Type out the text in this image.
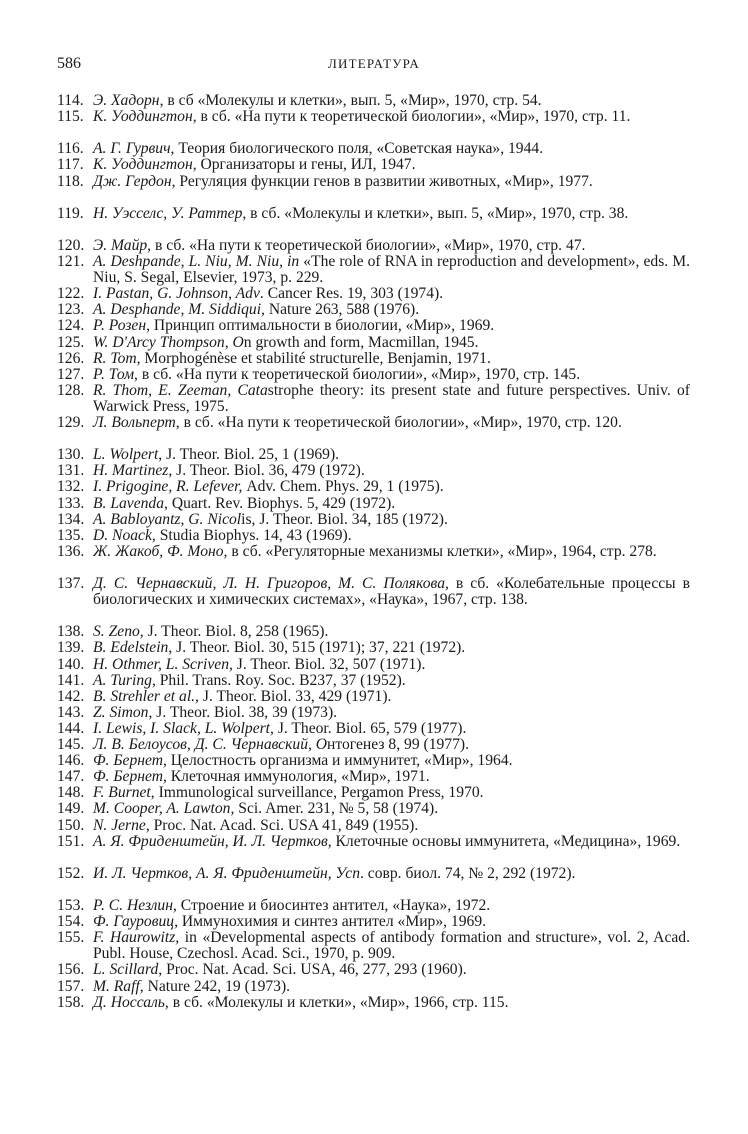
586	ЛИТЕРАТУРА
114. Э. Хадорн, в сб «Молекулы и клетки», вып. 5, «Мир», 1970, стр. 54.
115. К. Уоддингтон, в сб. «На пути к теоретической биологии», «Мир», 1970, стр. 11.
116. А. Г. Гурвич, Теория биологического поля, «Советская наука», 1944.
117. К. Уоддингтон, Организаторы и гены, ИЛ, 1947.
118. Дж. Гердон, Регуляция функции генов в развитии животных, «Мир», 1977.
119. Н. Уэсселс, У. Раттер, в сб. «Молекулы и клетки», вып. 5, «Мир», 1970, стр. 38.
120. Э. Майр, в сб. «На пути к теоретической биологии», «Мир», 1970, стр. 47.
121. A. Deshpande, L. Niu, M. Niu, in «The role of RNA in reproduction and development», eds. M. Niu, S. Segal, Elsevier, 1973, p. 229.
122. I. Pastan, G. Johnson, Adv. Cancer Res. 19, 303 (1974).
123. A. Desphande, M. Siddiqui, Nature 263, 588 (1976).
124. Р. Розен, Принцип оптимальности в биологии, «Мир», 1969.
125. W. D'Arcy Thompson, On growth and form, Macmillan, 1945.
126. R. Tom, Morphogénèse et stabilité structurelle, Benjamin, 1971.
127. Р. Том, в сб. «На пути к теоретической биологии», «Мир», 1970, стр. 145.
128. R. Thom, E. Zeeman, Catastrophe theory: its present state and future perspectives. Univ. of Warwick Press, 1975.
129. Л. Вольперт, в сб. «На пути к теоретической биологии», «Мир», 1970, стр. 120.
130. L. Wolpert, J. Theor. Biol. 25, 1 (1969).
131. H. Martinez, J. Theor. Biol. 36, 479 (1972).
132. I. Prigogine, R. Lefever, Adv. Chem. Phys. 29, 1 (1975).
133. B. Lavenda, Quart. Rev. Biophys. 5, 429 (1972).
134. A. Babloyantz, G. Nicolis, J. Theor. Biol. 34, 185 (1972).
135. D. Noack, Studia Biophys. 14, 43 (1969).
136. Ж. Жакоб, Ф. Моно, в сб. «Регуляторные механизмы клетки», «Мир», 1964, стр. 278.
137. Д. С. Чернавский, Л. Н. Григоров, М. С. Полякова, в сб. «Колебательные процессы в биологических и химических системах», «Наука», 1967, стр. 138.
138. S. Zeno, J. Theor. Biol. 8, 258 (1965).
139. B. Edelstein, J. Theor. Biol. 30, 515 (1971); 37, 221 (1972).
140. H. Othmer, L. Scriven, J. Theor. Biol. 32, 507 (1971).
141. A. Turing, Phil. Trans. Roy. Soc. B237, 37 (1952).
142. B. Strehler et al., J. Theor. Biol. 33, 429 (1971).
143. Z. Simon, J. Theor. Biol. 38, 39 (1973).
144. I. Lewis, I. Slack, L. Wolpert, J. Theor. Biol. 65, 579 (1977).
145. Л. В. Белоусов, Д. С. Чернавский, Онтогенез 8, 99 (1977).
146. Ф. Бернет, Целостность организма и иммунитет, «Мир», 1964.
147. Ф. Бернет, Клеточная иммунология, «Мир», 1971.
148. F. Burnet, Immunological surveillance, Pergamon Press, 1970.
149. M. Cooper, A. Lawton, Sci. Amer. 231, № 5, 58 (1974).
150. N. Jerne, Proc. Nat. Acad. Sci. USA 41, 849 (1955).
151. А. Я. Фриденштейн, И. Л. Чертков, Клеточные основы иммунитета, «Медицина», 1969.
152. И. Л. Чертков, А. Я. Фриденштейн, Усп. совр. биол. 74, № 2, 292 (1972).
153. Р. С. Незлин, Строение и биосинтез антител, «Наука», 1972.
154. Ф. Гауровиц, Иммунохимия и синтез антител «Мир», 1969.
155. F. Haurowitz, in «Developmental aspects of antibody formation and structure», vol. 2, Acad. Publ. House, Czechosl. Acad. Sci., 1970, p. 909.
156. L. Scillard, Proc. Nat. Acad. Sci. USA, 46, 277, 293 (1960).
157. M. Raff, Nature 242, 19 (1973).
158. Д. Носсаль, в сб. «Молекулы и клетки», «Мир», 1966, стр. 115.
